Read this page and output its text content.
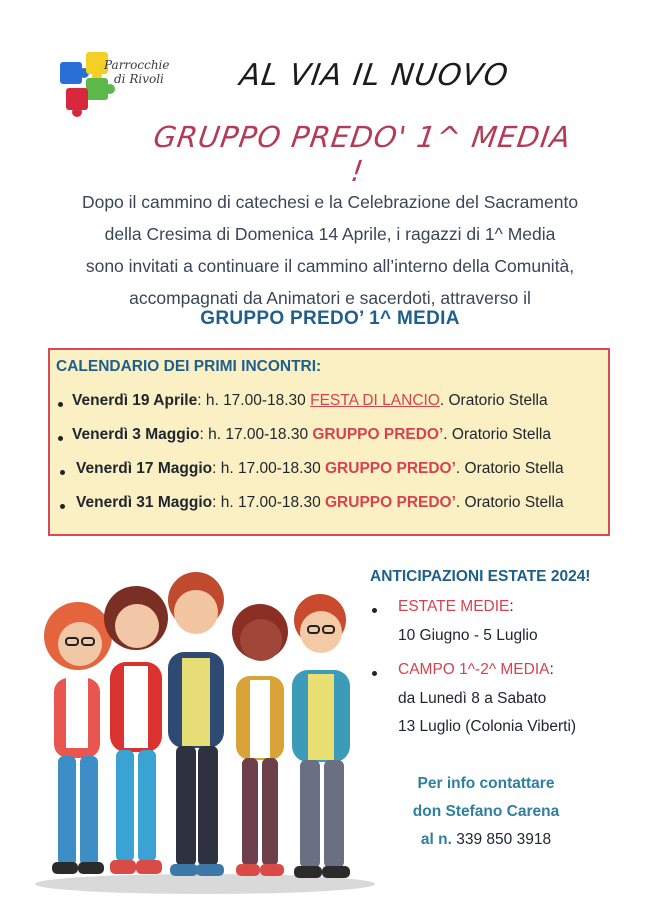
Parrocchie
di Rivoli	AL VIA IL NUOVO
GRUPPO PREDO' 1^ MEDIA !
Dopo il cammino di catechesi e la Celebrazione del Sacramento
della Cresima di Domenica 14 Aprile, i ragazzi di 1^ Media
sono invitati a continuare il cammino all’interno della Comunità,
accompagnati da Animatori e sacerdoti, attraverso il
GRUPPO PREDO’ 1^ MEDIA
CALENDARIO DEI PRIMI INCONTRI:
Venerdì 19 Aprile: h. 17.00-18.30 FESTA DI LANCIO. Oratorio Stella
Venerdì 3 Maggio: h. 17.00-18.30 GRUPPO PREDO’. Oratorio Stella
Venerdì 17 Maggio: h. 17.00-18.30 GRUPPO PREDO’. Oratorio Stella
Venerdì 31 Maggio: h. 17.00-18.30 GRUPPO PREDO’. Oratorio Stella
ANTICIPAZIONI ESTATE 2024!
ESTATE MEDIE:
10 Giugno - 5 Luglio
CAMPO 1^-2^ MEDIA:
da Lunedì 8 a Sabato
13 Luglio (Colonia Viberti)
Per info contattare
don Stefano Carena
al n. 339 850 3918
